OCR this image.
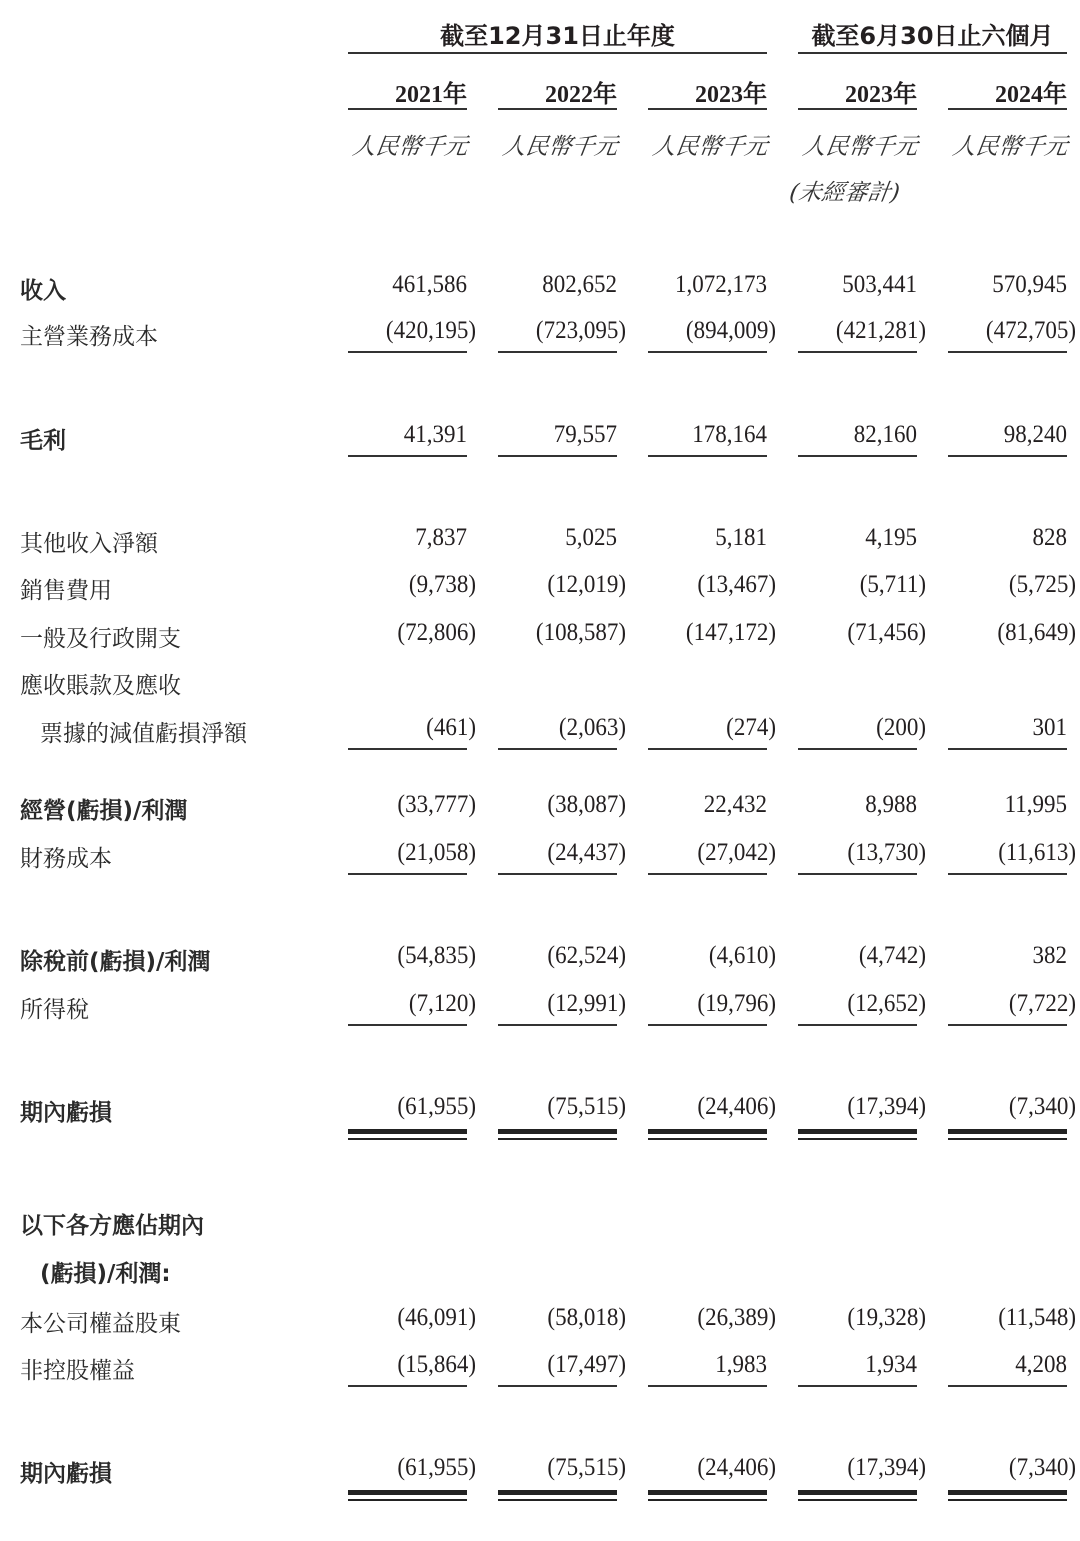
截至12月31日止年度	截至6月30日止六個月
2021年	2022年	2023年	2023年	2024年
人民幣千元	人民幣千元	人民幣千元	人民幣千元	人民幣千元
(未經審計)
收入	461,586	802,652	1,072,173	503,441	570,945
主營業務成本	(420,195)	(723,095)	(894,009)	(421,281)	(472,705)
毛利	41,391	79,557	178,164	82,160	98,240
其他收入淨額	7,837	5,025	5,181	4,195	828
銷售費用	(9,738)	(12,019)	(13,467)	(5,711)	(5,725)
一般及行政開支	(72,806)	(108,587)	(147,172)	(71,456)	(81,649)
應收賬款及應收
票據的減值虧損淨額	(461)	(2,063)	(274)	(200)	301
經營(虧損)/利潤	(33,777)	(38,087)	22,432	8,988	11,995
財務成本	(21,058)	(24,437)	(27,042)	(13,730)	(11,613)
除稅前(虧損)/利潤	(54,835)	(62,524)	(4,610)	(4,742)	382
所得稅	(7,120)	(12,991)	(19,796)	(12,652)	(7,722)
期內虧損	(61,955)	(75,515)	(24,406)	(17,394)	(7,340)
以下各方應佔期內
(虧損)/利潤:
本公司權益股東	(46,091)	(58,018)	(26,389)	(19,328)	(11,548)
非控股權益	(15,864)	(17,497)	1,983	1,934	4,208
期內虧損	(61,955)	(75,515)	(24,406)	(17,394)	(7,340)
